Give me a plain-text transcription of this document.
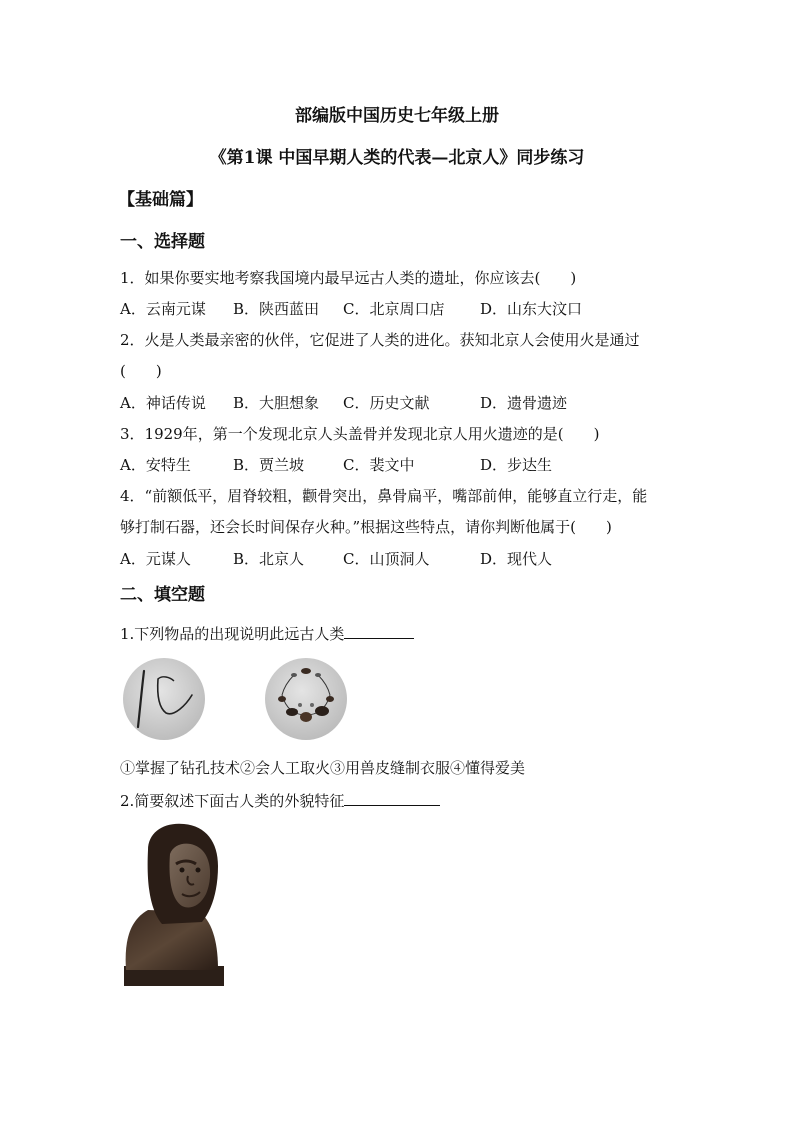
部编版中国历史七年级上册
《第1课 中国早期人类的代表—北京人》同步练习
【基础篇】
一、选择题
1．如果你要实地考察我国境内最早远古人类的遗址，你应该去(　　)
A．云南元谋 B．陕西蓝田 C．北京周口店 D．山东大汶口
2．火是人类最亲密的伙伴，它促进了人类的进化。获知北京人会使用火是通过
(　　)
A．神话传说 B．大胆想象 C．历史文献	D．遗骨遗迹
3．1929年，第一个发现北京人头盖骨并发现北京人用火遗迹的是(　　)
A．安特生	B．贾兰坡	C．裴文中	D．步达生
4．“前额低平，眉脊较粗，颧骨突出，鼻骨扁平，嘴部前伸，能够直立行走，能
够打制石器，还会长时间保存火种。”根据这些特点，请你判断他属于(　　)
A．元谋人	B．北京人	C．山顶洞人	D．现代人
二、填空题
1.下列物品的出现说明此远古人类
①掌握了钻孔技术②会人工取火③用兽皮缝制衣服④懂得爱美
2.简要叙述下面古人类的外貌特征
